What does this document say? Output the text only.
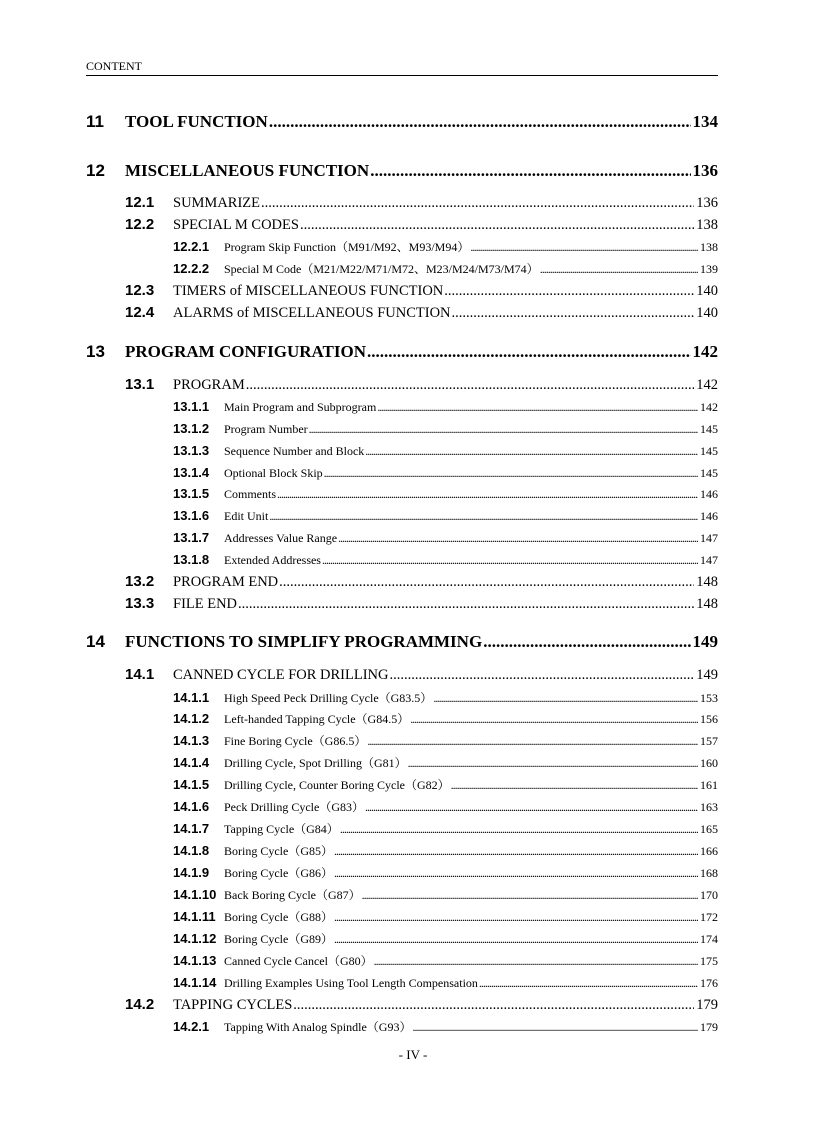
CONTENT
11 TOOL FUNCTION .....	134
12 MISCELLANEOUS FUNCTION .....	136
12.1 SUMMARIZE .....	136
12.2 SPECIAL M CODES .....	138
12.2.1 Program Skip Function（M91/M92、M93/M94） .....	138
12.2.2 Special M Code（M21/M22/M71/M72、M23/M24/M73/M74） .....	139
12.3 TIMERS of MISCELLANEOUS FUNCTION .....	140
12.4 ALARMS of MISCELLANEOUS FUNCTION .....	140
13 PROGRAM CONFIGURATION .....	142
13.1 PROGRAM .....	142
13.1.1 Main Program and Subprogram .....	142
13.1.2 Program Number .....	145
13.1.3 Sequence Number and Block .....	145
13.1.4 Optional Block Skip .....	145
13.1.5 Comments .....	146
13.1.6 Edit Unit .....	146
13.1.7 Addresses Value Range .....	147
13.1.8 Extended Addresses .....	147
13.2 PROGRAM END .....	148
13.3 FILE END .....	148
14 FUNCTIONS TO SIMPLIFY PROGRAMMING .....	149
14.1 CANNED CYCLE FOR DRILLING .....	149
14.1.1 High Speed Peck Drilling Cycle（G83.5） .....	153
14.1.2 Left-handed Tapping Cycle（G84.5） .....	156
14.1.3 Fine Boring Cycle（G86.5） .....	157
14.1.4 Drilling Cycle, Spot Drilling（G81） .....	160
14.1.5 Drilling Cycle, Counter Boring Cycle（G82） .....	161
14.1.6 Peck Drilling Cycle（G83） .....	163
14.1.7 Tapping Cycle（G84） .....	165
14.1.8 Boring Cycle（G85） .....	166
14.1.9 Boring Cycle（G86） .....	168
14.1.10 Back Boring Cycle（G87） .....	170
14.1.11 Boring Cycle（G88） .....	172
14.1.12 Boring Cycle（G89） .....	174
14.1.13 Canned Cycle Cancel（G80） .....	175
14.1.14 Drilling Examples Using Tool Length Compensation .....	176
14.2 TAPPING CYCLES .....	179
14.2.1 Tapping With Analog Spindle（G93） .....	179
- IV -
